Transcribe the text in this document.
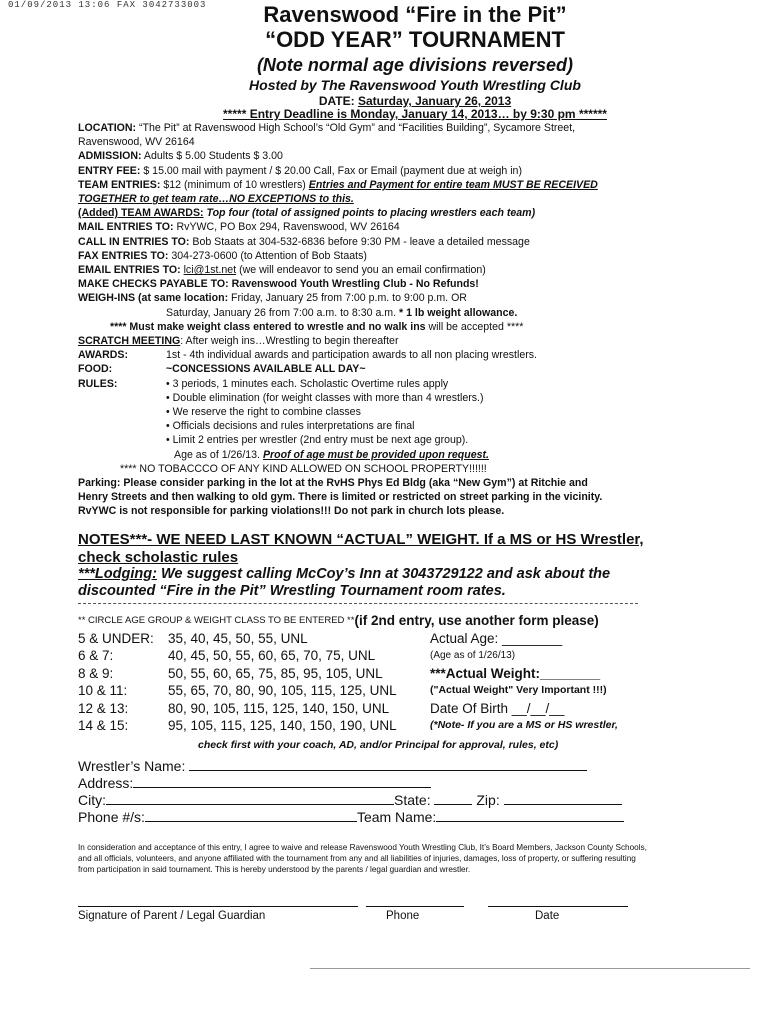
01/09/2013 13:06 FAX 3042733003	Ravenswood “Fire in the Pit”
“ODD YEAR” TOURNAMENT
(Note normal age divisions reversed)
Hosted by The Ravenswood Youth Wrestling Club
DATE: Saturday, January 26, 2013
***** Entry Deadline is Monday, January 14, 2013… by 9:30 pm ******

LOCATION: “The Pit” at Ravenswood High School’s “Old Gym” and “Facilities Building”, Sycamore Street, Ravenswood, WV 26164

ADMISSION: Adults $ 5.00 Students $ 3.00

ENTRY FEE: $ 15.00 mail with payment / $ 20.00 Call, Fax or Email (payment due at weigh in)

TEAM ENTRIES: $12 (minimum of 10 wrestlers) Entries and Payment for entire team MUST BE RECEIVED TOGETHER to get team rate…NO EXCEPTIONS to this.

(Added) TEAM AWARDS: Top four (total of assigned points to placing wrestlers each team)

MAIL ENTRIES TO: RvYWC, PO Box 294, Ravenswood, WV 26164

CALL IN ENTRIES TO: Bob Staats at 304-532-6836 before 9:30 PM - leave a detailed message

FAX ENTRIES TO: 304-273-0600 (to Attention of Bob Staats)

EMAIL ENTRIES TO: lci@1st.net (we will endeavor to send you an email confirmation)

MAKE CHECKS PAYABLE TO: Ravenswood Youth Wrestling Club - No Refunds!

WEIGH-INS (at same location: Friday, January 25 from 7:00 p.m. to 9:00 p.m. OR

Saturday, January 26 from 7:00 a.m. to 8:30 a.m. * 1 lb weight allowance.

**** Must make weight class entered to wrestle and no walk ins will be accepted ****

SCRATCH MEETING: After weigh ins…Wrestling to begin thereafter

AWARDS:	1st - 4th individual awards and participation awards to all non placing wrestlers.
FOOD:	~CONCESSIONS AVAILABLE ALL DAY~
RULES:	• 3 periods, 1 minutes each. Scholastic Overtime rules apply
• Double elimination (for weight classes with more than 4 wrestlers.)
• We reserve the right to combine classes
• Officials decisions and rules interpretations are final
• Limit 2 entries per wrestler (2nd entry must be next age group).
Age as of 1/26/13. Proof of age must be provided upon request.

**** NO TOBACCCO OF ANY KIND ALLOWED ON SCHOOL PROPERTY!!!!!!

Parking: Please consider parking in the lot at the RvHS Phys Ed Bldg (aka “New Gym”) at Ritchie and Henry Streets and then walking to old gym. There is limited or restricted on street parking in the vicinity. RvYWC is not responsible for parking violations!!! Do not park in church lots please.

NOTES***- WE NEED LAST KNOWN “ACTUAL” WEIGHT. If a MS or HS Wrestler, check scholastic rules
***Lodging: We suggest calling McCoy’s Inn at 3043729122 and ask about the discounted “Fire in the Pit” Wrestling Tournament room rates.
** CIRCLE AGE GROUP & WEIGHT CLASS TO BE ENTERED ** (if 2nd entry, use another form please)
5 & UNDER:	35, 40, 45, 50, 55, UNL	Actual Age: ________
6 & 7:	40, 45, 50, 55, 60, 65, 70, 75, UNL	(Age as of 1/26/13)
8 & 9:	50, 55, 60, 65, 75, 85, 95, 105, UNL	***Actual Weight:________
10 & 11:	55, 65, 70, 80, 90, 105, 115, 125, UNL	("Actual Weight" Very Important !!!)
12 & 13:	80, 90, 105, 115, 125, 140, 150, UNL	Date Of Birth __/__/__
14 & 15:	95, 105, 115, 125, 140, 150, 190, UNL	(*Note- If you are a MS or HS wrestler,
check first with your coach, AD, and/or Principal for approval, rules, etc)
Wrestler’s Name:
Address:
City:	State:	Zip:
Phone #/s:	Team Name:
In consideration and acceptance of this entry, I agree to waive and release Ravenswood Youth Wrestling Club, It’s Board Members, Jackson County Schools, and all officials, volunteers, and anyone affiliated with the tournament from any and all liabilities of injuries, damages, loss of property, or suffering resulting from participation in said tournament. This is hereby understood by the parents / legal guardian and wrestler.
Signature of Parent / Legal Guardian	Phone	Date
